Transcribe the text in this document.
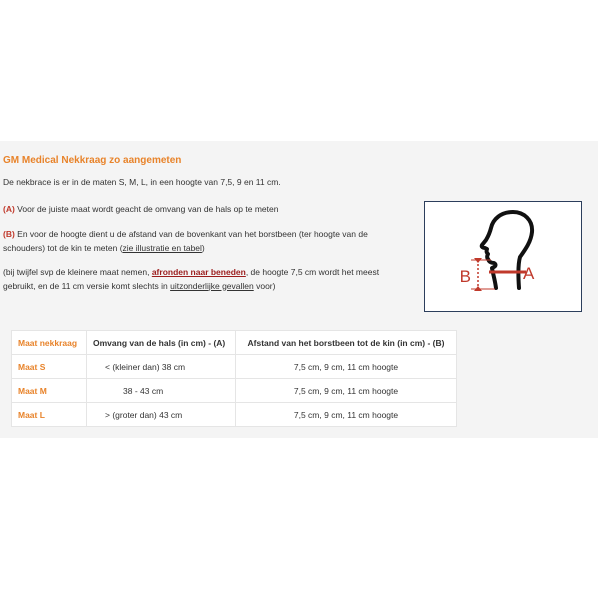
GM Medical Nekkraag zo aangemeten
De nekbrace is er in de maten S, M, L, in een hoogte van 7,5, 9 en 11 cm.
(A) Voor de juiste maat wordt geacht de omvang van de hals op te meten
(B) En voor de hoogte dient u de afstand van de bovenkant van het borstbeen (ter hoogte van de schouders) tot de kin te meten (zie illustratie en tabel)
(bij twijfel svp de kleinere maat nemen, afronden naar beneden, de hoogte 7,5 cm wordt het meest gebruikt, en de 11 cm versie komt slechts in uitzonderlijke gevallen voor)	B	A
Maat nekkraag	Omvang van de hals (in cm) - (A)	Afstand van het borstbeen tot de kin (in cm) - (B)
Maat S	< (kleiner dan) 38 cm	7,5 cm, 9 cm, 11 cm hoogte
Maat M	38 - 43 cm	7,5 cm, 9 cm, 11 cm hoogte
Maat L	> (groter dan) 43 cm	7,5 cm, 9 cm, 11 cm hoogte
